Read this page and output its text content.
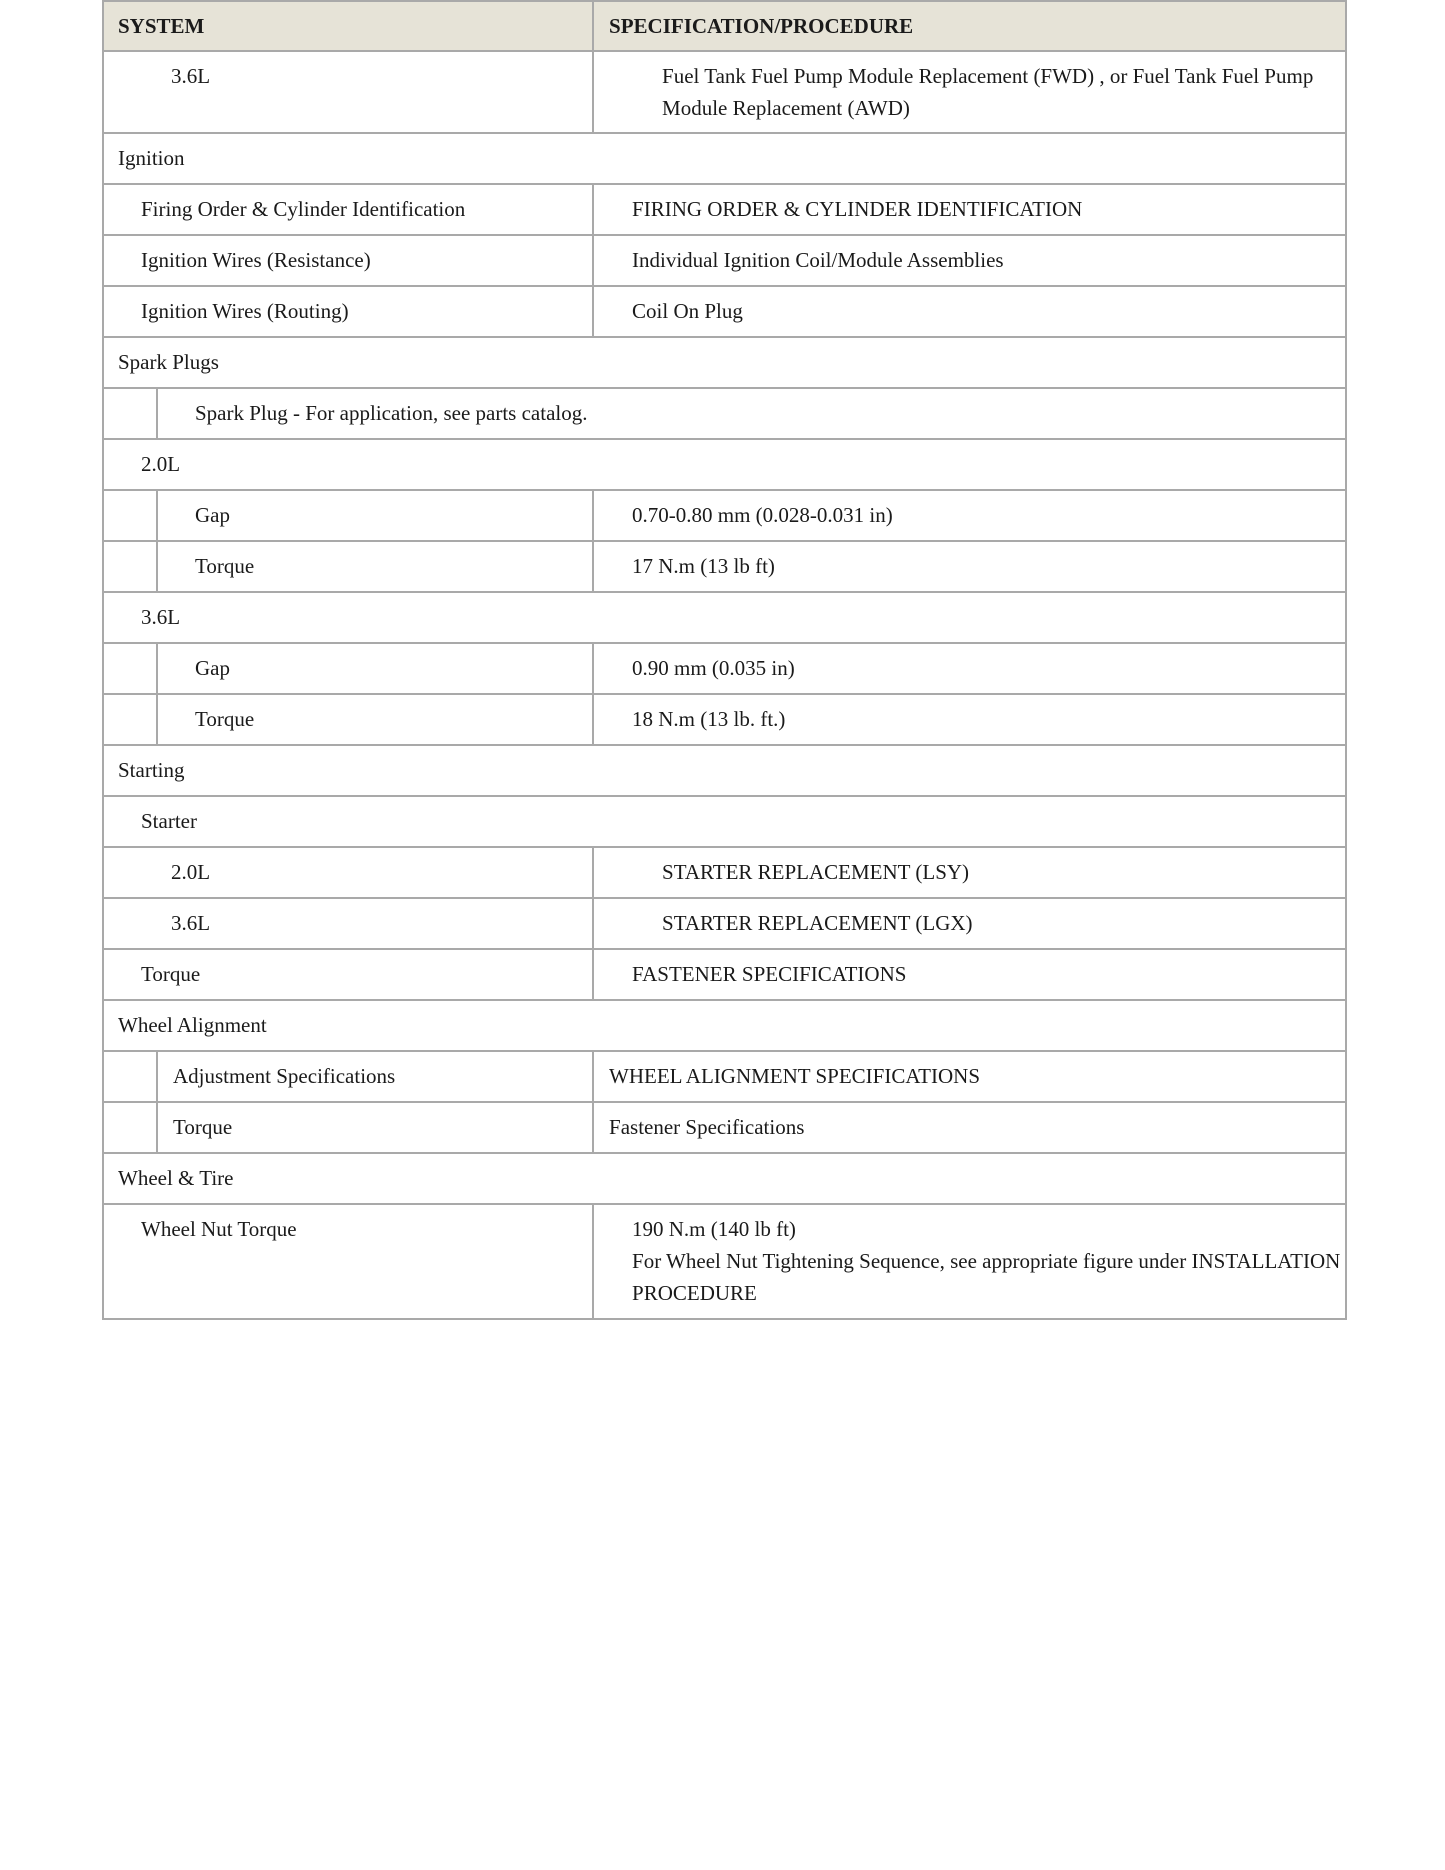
SYSTEM		SPECIFICATION/PROCEDURE
3.6L		Fuel Tank Fuel Pump Module Replacement (FWD) , or Fuel Tank Fuel Pump Module Replacement (AWD)
Ignition		
Firing Order & Cylinder Identification		FIRING ORDER & CYLINDER IDENTIFICATION
Ignition Wires (Resistance)		Individual Ignition Coil/Module Assemblies
Ignition Wires (Routing)		Coil On Plug
Spark Plugs		
	Spark Plug - For application, see parts catalog.	
2.0L		
	Gap	0.70-0.80 mm (0.028-0.031 in)
	Torque	17 N.m (13 lb ft)
3.6L		
	Gap	0.90 mm (0.035 in)
	Torque	18 N.m (13 lb. ft.)
Starting		
Starter		
2.0L		STARTER REPLACEMENT (LSY)
3.6L		STARTER REPLACEMENT (LGX)
Torque		FASTENER SPECIFICATIONS
Wheel Alignment		
	Adjustment Specifications	WHEEL ALIGNMENT SPECIFICATIONS
	Torque	Fastener Specifications
Wheel & Tire		
Wheel Nut Torque		190 N.m (140 lb ft)
For Wheel Nut Tightening Sequence, see appropriate figure under INSTALLATION PROCEDURE
